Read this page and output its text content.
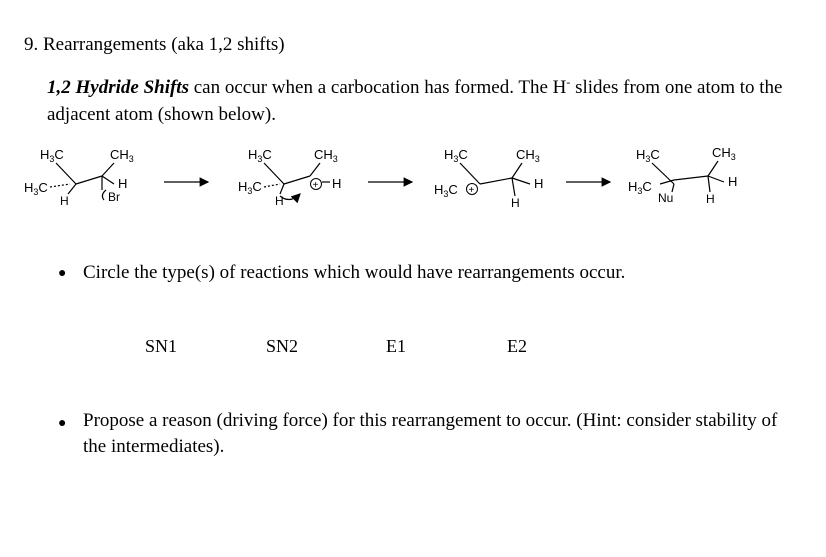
9. Rearrangements (aka 1,2 shifts)
1,2 Hydride Shifts can occur when a carbocation has formed. The H- slides from one atom to the adjacent atom (shown below).
$H_3C$	$CH_3$
$H_3C$
H
H
Br
$H_3C$	$CH_3$
$H_3C$
H
H
+
$H_3C$	$CH_3$
$H_3C$ +	H
H
$H_3C$	$CH_3$
$H_3C$
Nu
H
H
● Circle the type(s) of reactions which would have rearrangements occur.
SN1	SN2	E1	E2
● Propose a reason (driving force) for this rearrangement to occur. (Hint: consider stability of the intermediates).
